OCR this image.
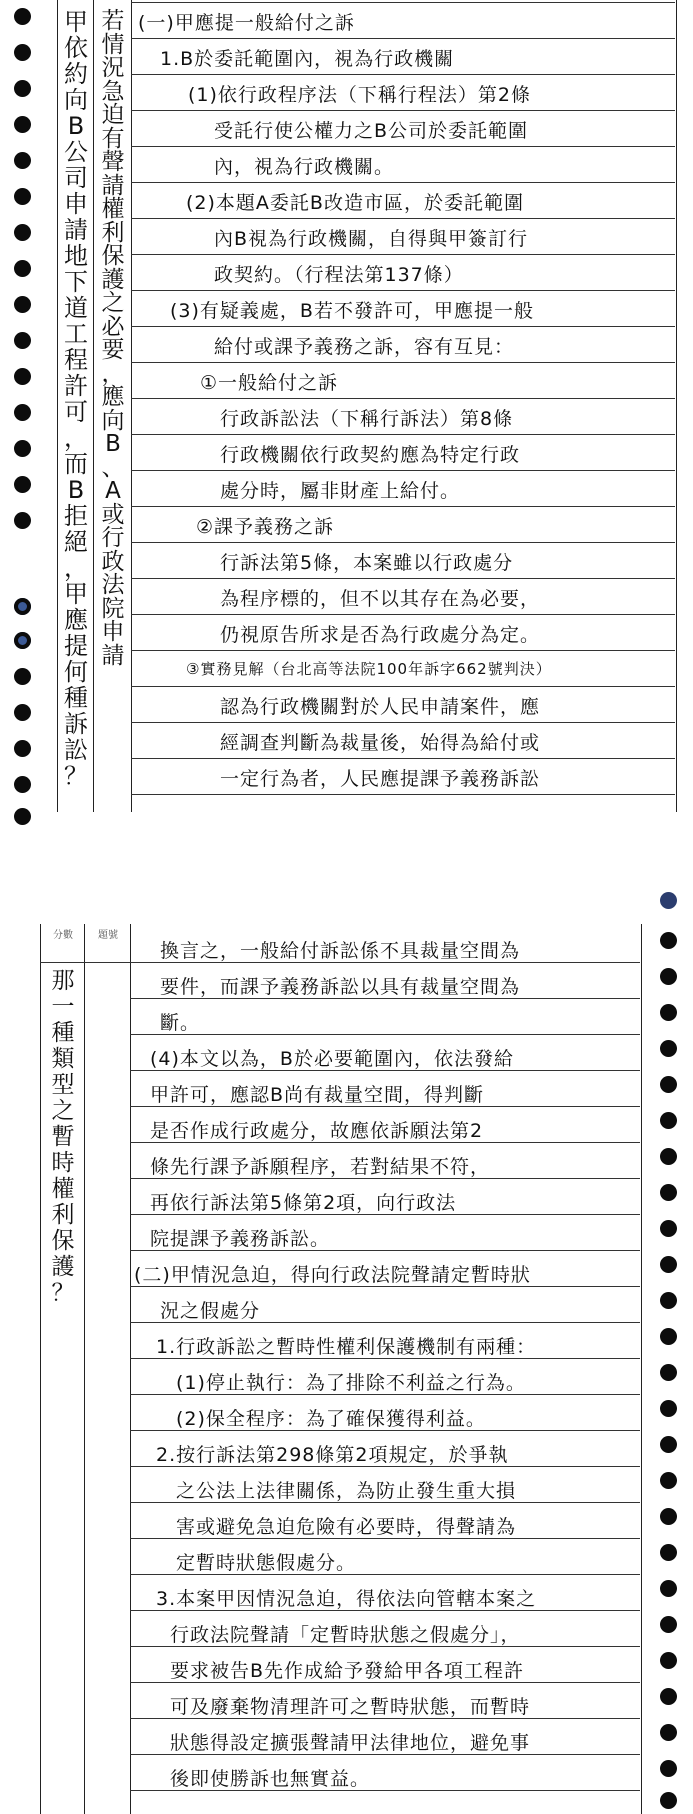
甲
依
約
向
B
公
司
申
請
地
下
道
工
程
許
可
，
而
B
拒
絕
，
甲
應
提
何
種
訴
訟
？
若
情
況
急
迫
有
聲
請
權
利
保
護
之
必
要
，
應
向
B
、
A
或
行
政
法
院
申
請
(一)甲應提一般給付之訴
1.B於委託範圍內，視為行政機關
(1)依行政程序法（下稱行程法）第2條
受託行使公權力之B公司於委託範圍
內，視為行政機關。
(2)本題A委託B改造市區，於委託範圍
內B視為行政機關，自得與甲簽訂行
政契約。（行程法第137條）
(3)有疑義處，B若不發許可，甲應提一般
給付或課予義務之訴，容有互見：
①一般給付之訴
行政訴訟法（下稱行訴法）第8條
行政機關依行政契約應為特定行政
處分時，屬非財產上給付。
②課予義務之訴
行訴法第5條，本案雖以行政處分
為程序標的，但不以其存在為必要，
仍視原告所求是否為行政處分為定。
③實務見解（台北高等法院100年訴字662號判決）
認為行政機關對於人民申請案件，應
經調查判斷為裁量後，始得為給付或
一定行為者，人民應提課予義務訴訟
分數	題號
那
一
種
類
型
之
暫
時
權
利
保
護
？
換言之，一般給付訴訟係不具裁量空間為
要件，而課予義務訴訟以具有裁量空間為
斷。
(4)本文以為，B於必要範圍內，依法發給
甲許可，應認B尚有裁量空間，得判斷
是否作成行政處分，故應依訴願法第2
條先行課予訴願程序，若對結果不符，
再依行訴法第5條第2項，向行政法
院提課予義務訴訟。
(二)甲情況急迫，得向行政法院聲請定暫時狀
況之假處分
1.行政訴訟之暫時性權利保護機制有兩種：
(1)停止執行：為了排除不利益之行為。
(2)保全程序：為了確保獲得利益。
2.按行訴法第298條第2項規定，於爭執
之公法上法律關係，為防止發生重大損
害或避免急迫危險有必要時，得聲請為
定暫時狀態假處分。
3.本案甲因情況急迫，得依法向管轄本案之
行政法院聲請「定暫時狀態之假處分」，
要求被告B先作成給予發給甲各項工程許
可及廢棄物清理許可之暫時狀態，而暫時
狀態得設定擴張聲請甲法律地位，避免事
後即使勝訴也無實益。
